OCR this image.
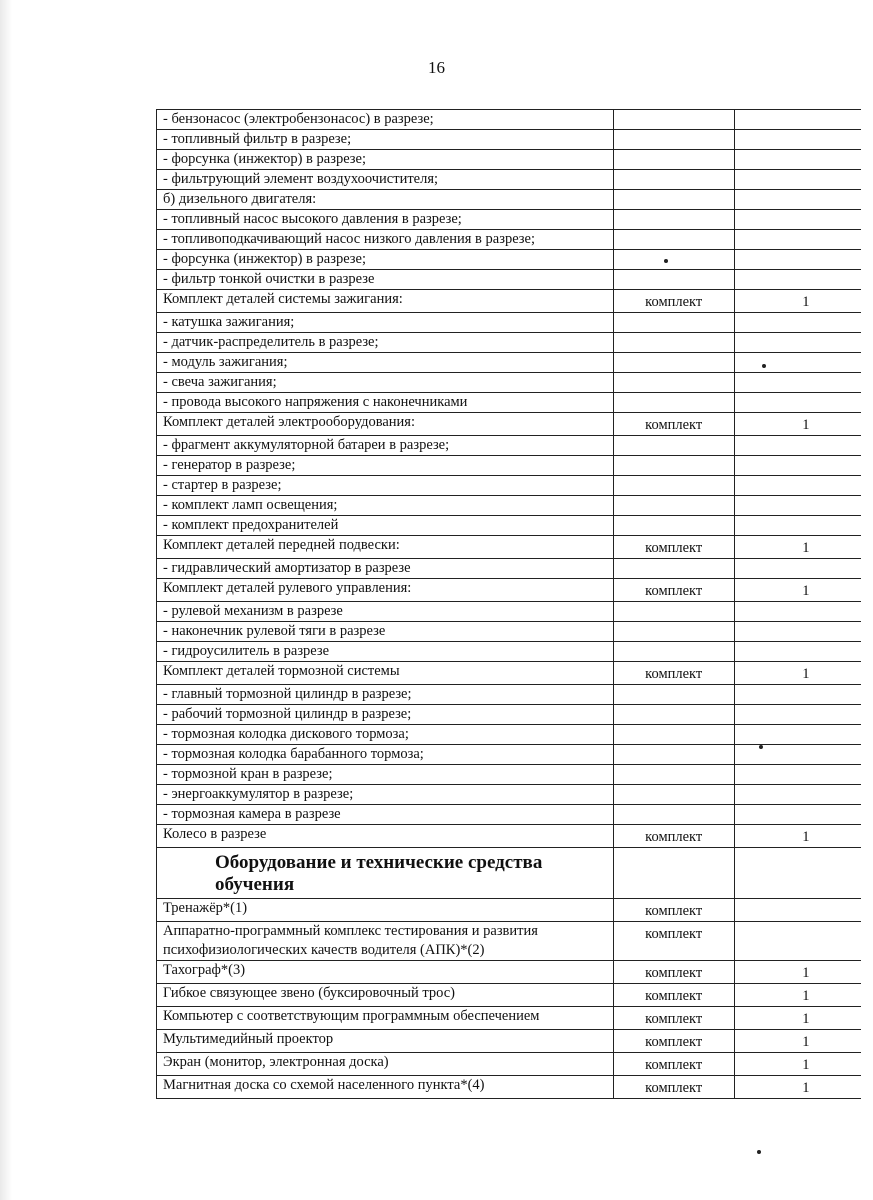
16
- бензонасос (электробензонасос) в разрезе;		
- топливный фильтр в разрезе;		
- форсунка (инжектор) в разрезе;		
- фильтрующий элемент воздухоочистителя;		
б) дизельного двигателя:		
- топливный насос высокого давления в разрезе;		
- топливоподкачивающий насос низкого давления в разрезе;		
- форсунка (инжектор) в разрезе;		
- фильтр тонкой очистки в разрезе		
Комплект деталей системы зажигания:	комплект	1
- катушка зажигания;		
- датчик-распределитель в разрезе;		
- модуль зажигания;		
- свеча зажигания;		
- провода высокого напряжения с наконечниками		
Комплект деталей электрооборудования:	комплект	1
- фрагмент аккумуляторной батареи в разрезе;		
- генератор в разрезе;		
- стартер в разрезе;		
- комплект ламп освещения;		
- комплект предохранителей		
Комплект деталей передней подвески:	комплект	1
- гидравлический амортизатор в разрезе		
Комплект деталей рулевого управления:	комплект	1
- рулевой механизм в разрезе		
- наконечник рулевой тяги в разрезе		
- гидроусилитель в разрезе		
Комплект деталей тормозной системы	комплект	1
- главный тормозной цилиндр в разрезе;		
- рабочий тормозной цилиндр в разрезе;		
- тормозная колодка дискового тормоза;		
- тормозная колодка барабанного тормоза;		
- тормозной кран в разрезе;		
- энергоаккумулятор в разрезе;		
- тормозная камера в разрезе		
Колесо в разрезе	комплект	1
Оборудование и технические средства обучения		
Тренажёр*(1)	комплект	
Аппаратно-программный комплекс тестирования и развития психофизиологических качеств водителя (АПК)*(2)	комплект	
Тахограф*(3)	комплект	1
Гибкое связующее звено (буксировочный трос)	комплект	1
Компьютер с соответствующим программным обеспечением	комплект	1
Мультимедийный проектор	комплект	1
Экран (монитор, электронная доска)	комплект	1
Магнитная доска со схемой населенного пункта*(4)	комплект	1
